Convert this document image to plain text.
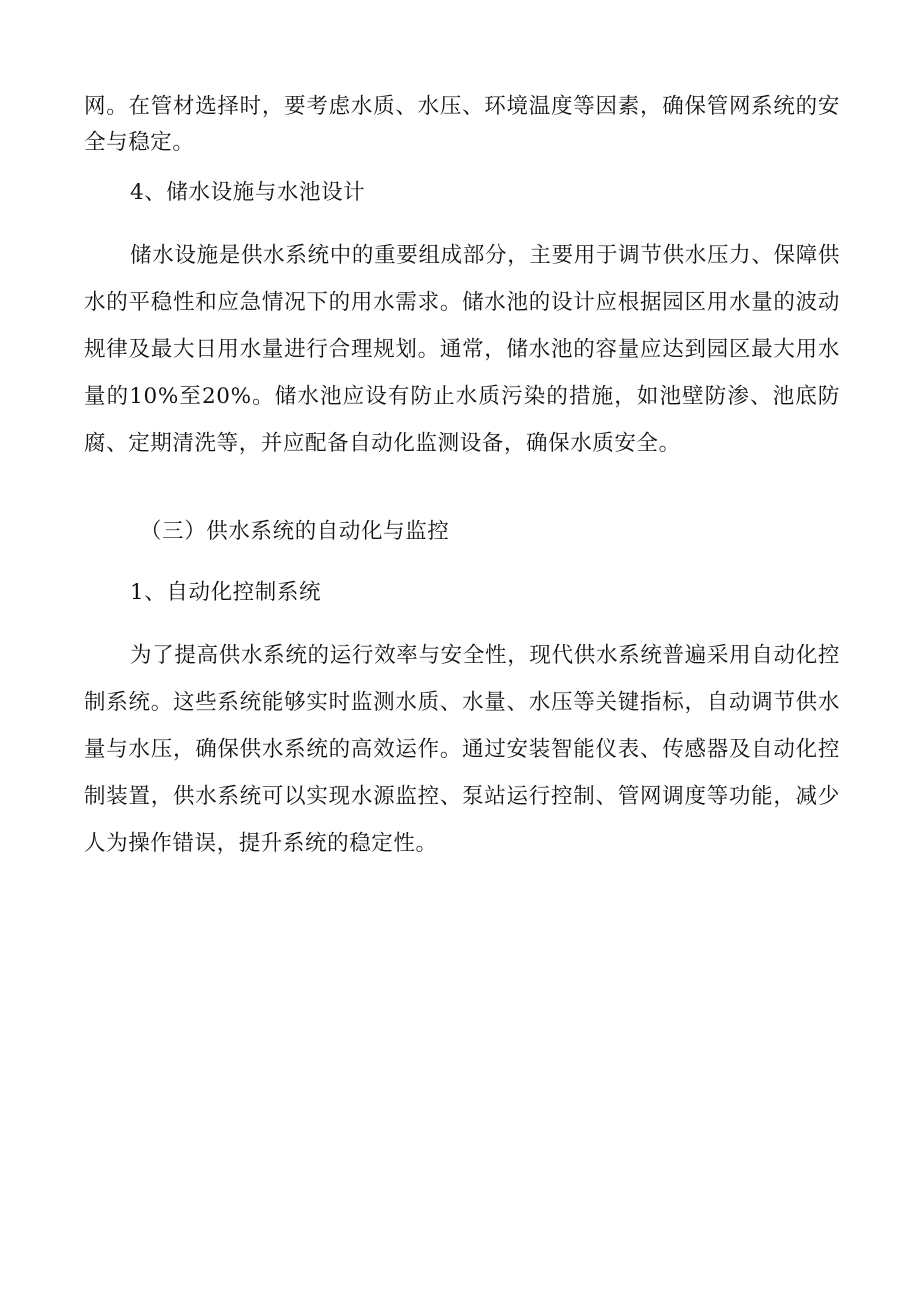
网。在管材选择时，要考虑水质、水压、环境温度等因素，确保管网系统的安全与稳定。

4、储水设施与水池设计

储水设施是供水系统中的重要组成部分，主要用于调节供水压力、保障供水的平稳性和应急情况下的用水需求。储水池的设计应根据园区用水量的波动规律及最大日用水量进行合理规划。通常，储水池的容量应达到园区最大用水量的10%至20%。储水池应设有防止水质污染的措施，如池壁防渗、池底防腐、定期清洗等，并应配备自动化监测设备，确保水质安全。

（三）供水系统的自动化与监控

1、自动化控制系统

为了提高供水系统的运行效率与安全性，现代供水系统普遍采用自动化控制系统。这些系统能够实时监测水质、水量、水压等关键指标，自动调节供水量与水压，确保供水系统的高效运作。通过安装智能仪表、传感器及自动化控制装置，供水系统可以实现水源监控、泵站运行控制、管网调度等功能，减少人为操作错误，提升系统的稳定性。
